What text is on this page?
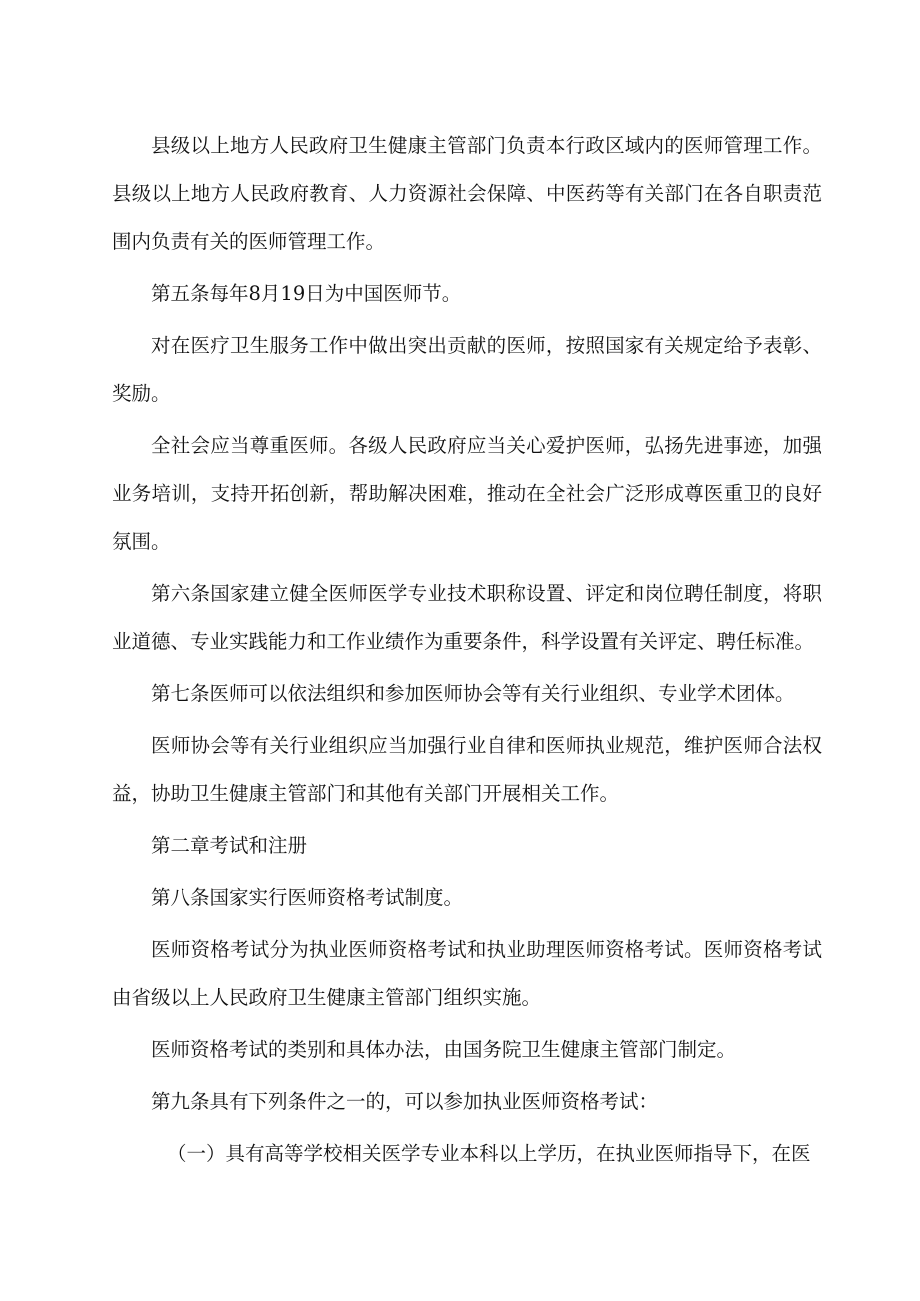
县级以上地方人民政府卫生健康主管部门负责本行政区域内的医师管理工作。县级以上地方人民政府教育、人力资源社会保障、中医药等有关部门在各自职责范围内负责有关的医师管理工作。

第五条每年8月19日为中国医师节。

对在医疗卫生服务工作中做出突出贡献的医师，按照国家有关规定给予表彰、奖励。

全社会应当尊重医师。各级人民政府应当关心爱护医师，弘扬先进事迹，加强业务培训，支持开拓创新，帮助解决困难，推动在全社会广泛形成尊医重卫的良好氛围。

第六条国家建立健全医师医学专业技术职称设置、评定和岗位聘任制度，将职业道德、专业实践能力和工作业绩作为重要条件，科学设置有关评定、聘任标准。

第七条医师可以依法组织和参加医师协会等有关行业组织、专业学术团体。

医师协会等有关行业组织应当加强行业自律和医师执业规范，维护医师合法权益，协助卫生健康主管部门和其他有关部门开展相关工作。

第二章考试和注册

第八条国家实行医师资格考试制度。

医师资格考试分为执业医师资格考试和执业助理医师资格考试。医师资格考试由省级以上人民政府卫生健康主管部门组织实施。

医师资格考试的类别和具体办法，由国务院卫生健康主管部门制定。

第九条具有下列条件之一的，可以参加执业医师资格考试：

（一）具有高等学校相关医学专业本科以上学历，在执业医师指导下，在医
